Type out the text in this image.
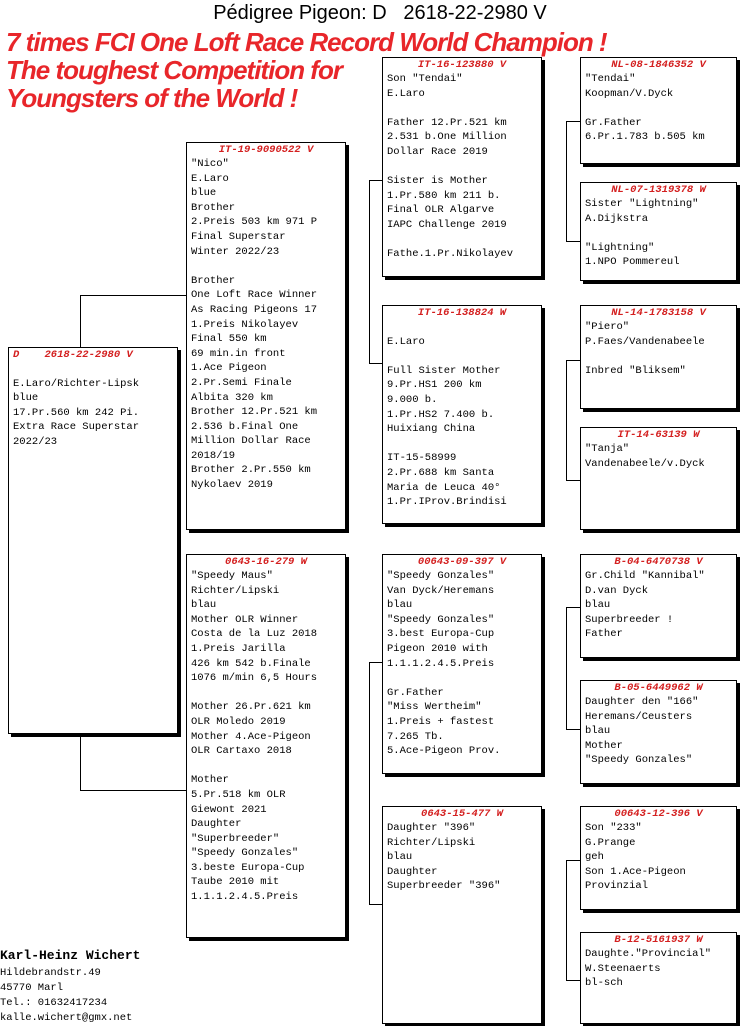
Pédigree Pigeon: D   2618-22-2980 V
7 times FCI One Loft Race Record World Champion !
The toughest Competition for
Youngsters of the World !
D    2618-22-2980 V
E.Laro/Richter-Lipsk
blue
17.Pr.560 km 242 Pi.
Extra Race Superstar
2022/23
IT-19-9090522 V
"Nico"
E.Laro
blue
Brother
2.Preis 503 km 971 P
Final Superstar
Winter 2022/23
Brother
One Loft Race Winner
As Racing Pigeons 17
1.Preis Nikolayev
Final 550 km
69 min.in front
1.Ace Pigeon
2.Pr.Semi Finale
Albita 320 km
Brother 12.Pr.521 km
2.536 b.Final One
Million Dollar Race
2018/19
Brother 2.Pr.550 km
Nykolaev 2019
0643-16-279 W
"Speedy Maus"
Richter/Lipski
blau
Mother OLR Winner
Costa de la Luz 2018
1.Preis Jarilla
426 km 542 b.Finale
1076 m/min 6,5 Hours
Mother 26.Pr.621 km
OLR Moledo 2019
Mother 4.Ace-Pigeon
OLR Cartaxo 2018
Mother
5.Pr.518 km OLR
Giewont 2021
Daughter
"Superbreeder"
"Speedy Gonzales"
3.beste Europa-Cup
Taube 2010 mit
1.1.1.2.4.5.Preis
IT-16-123880 V
Son "Tendai"
E.Laro
Father 12.Pr.521 km
2.531 b.One Million
Dollar Race 2019
Sister is Mother
1.Pr.580 km 211 b.
Final OLR Algarve
IAPC Challenge 2019
Fathe.1.Pr.Nikolayev
IT-16-138824 W
E.Laro
Full Sister Mother
9.Pr.HS1 200 km
9.000 b.
1.Pr.HS2 7.400 b.
Huixiang China
IT-15-58999
2.Pr.688 km Santa
Maria de Leuca 40°
1.Pr.IProv.Brindisi
00643-09-397 V
"Speedy Gonzales"
Van Dyck/Heremans
blau
"Speedy Gonzales"
3.best Europa-Cup
Pigeon 2010 with
1.1.1.2.4.5.Preis
Gr.Father
"Miss Wertheim"
1.Preis + fastest
7.265 Tb.
5.Ace-Pigeon Prov.
0643-15-477 W
Daughter "396"
Richter/Lipski
blau
Daughter
Superbreeder "396"
NL-08-1846352 V
"Tendai"
Koopman/V.Dyck
Gr.Father
6.Pr.1.783 b.505 km
NL-07-1319378 W
Sister "Lightning"
A.Dijkstra
"Lightning"
1.NPO Pommereul
NL-14-1783158 V
"Piero"
P.Faes/Vandenabeele
Inbred "Bliksem"
IT-14-63139 W
"Tanja"
Vandenabeele/v.Dyck
B-04-6470738 V
Gr.Child "Kannibal"
D.van Dyck
blau
Superbreeder !
Father
B-05-6449962 W
Daughter den "166"
Heremans/Ceusters
blau
Mother
"Speedy Gonzales"
00643-12-396 V
Son "233"
G.Prange
geh
Son 1.Ace-Pigeon
Provinzial
B-12-5161937 W
Daughte."Provincial"
W.Steenaerts
bl-sch
Karl-Heinz Wichert
Hildebrandstr.49
45770 Marl
Tel.: 01632417234
kalle.wichert@gmx.net
